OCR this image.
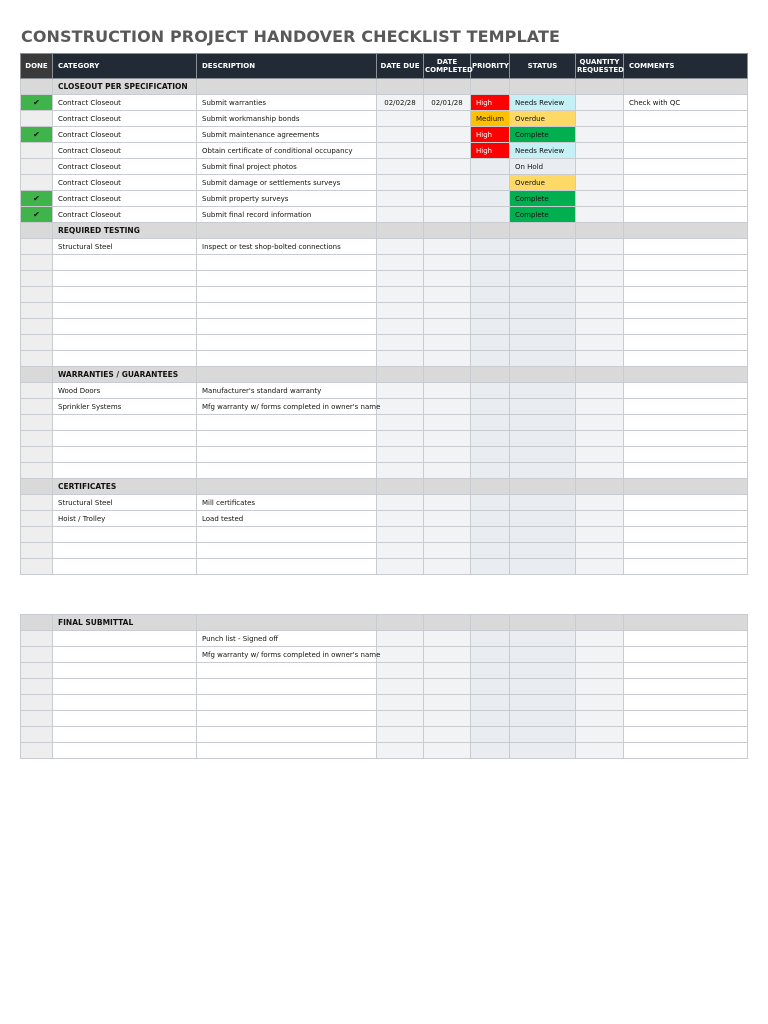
CONSTRUCTION PROJECT HANDOVER CHECKLIST TEMPLATE
DONE	CATEGORY	DESCRIPTION	DATE DUE	DATE COMPLETED	PRIORITY	STATUS	QUANTITY REQUESTED	COMMENTS
	CLOSEOUT PER SPECIFICATION							
✔	Contract Closeout	Submit warranties	02/02/28	02/01/28	High	Needs Review		Check with QC
	Contract Closeout	Submit workmanship bonds			Medium	Overdue		
✔	Contract Closeout	Submit maintenance agreements			High	Complete		
	Contract Closeout	Obtain certificate of conditional occupancy			High	Needs Review		
	Contract Closeout	Submit final project photos				On Hold		
	Contract Closeout	Submit damage or settlements surveys				Overdue		
✔	Contract Closeout	Submit property surveys				Complete		
✔	Contract Closeout	Submit final record information				Complete		
	REQUIRED TESTING							
	Structural Steel	Inspect or test shop-bolted connections						

	WARRANTIES / GUARANTEES							
	Wood Doors	Manufacturer's standard warranty						
	Sprinkler Systems	Mfg warranty w/ forms completed in owner's name						

	CERTIFICATES							
	Structural Steel	Mill certificates						
	Hoist / Trolley	Load tested						

	FINAL SUBMITTAL							
		Punch list - Signed off						
		Mfg warranty w/ forms completed in owner's name						
